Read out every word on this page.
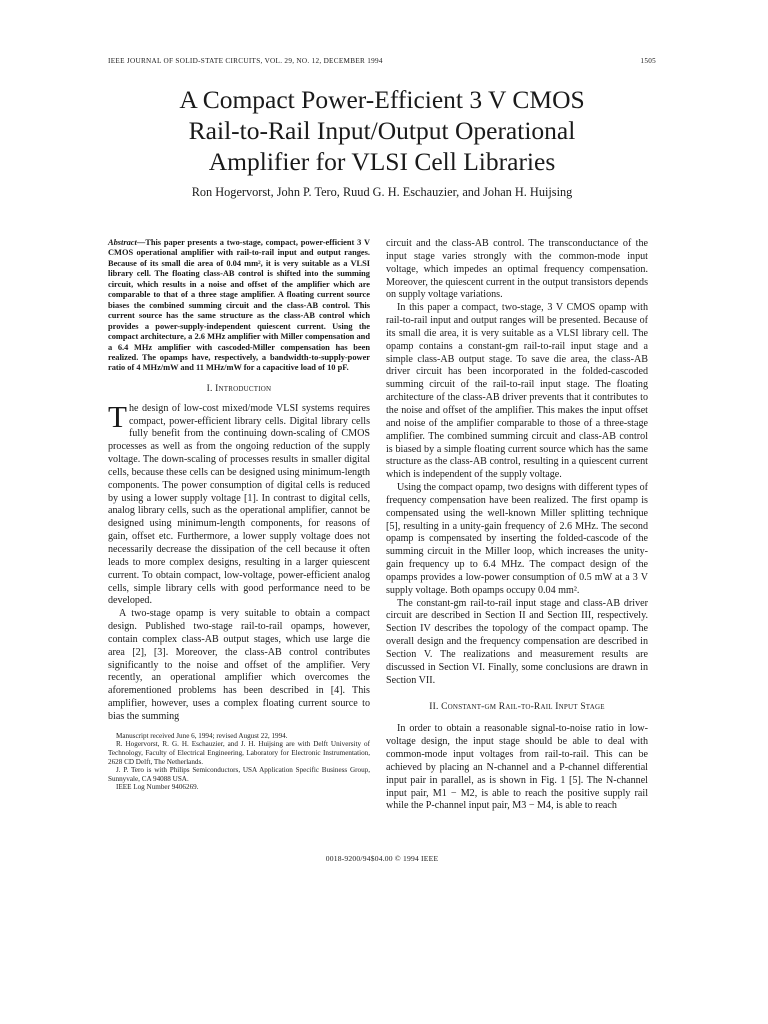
IEEE JOURNAL OF SOLID-STATE CIRCUITS, VOL. 29, NO. 12, DECEMBER 1994	1505
A Compact Power-Efficient 3 V CMOS
Rail-to-Rail Input/Output Operational
Amplifier for VLSI Cell Libraries
Ron Hogervorst, John P. Tero, Ruud G. H. Eschauzier, and Johan H. Huijsing

Abstract—This paper presents a two-stage, compact, power-efficient 3 V CMOS operational amplifier with rail-to-rail input and output ranges. Because of its small die area of 0.04 mm², it is very suitable as a VLSI library cell. The floating class-AB control is shifted into the summing circuit, which results in a noise and offset of the amplifier which are comparable to that of a three stage amplifier. A floating current source biases the combined summing circuit and the class-AB control. This current source has the same structure as the class-AB control which provides a power-supply-independent quiescent current. Using the compact architecture, a 2.6 MHz amplifier with Miller compensation and a 6.4 MHz amplifier with cascoded-Miller compensation has been realized. The opamps have, respectively, a bandwidth-to-supply-power ratio of 4 MHz/mW and 11 MHz/mW for a capacitive load of 10 pF.

I. Introduction

The design of low-cost mixed/mode VLSI systems requires compact, power-efficient library cells. Digital library cells fully benefit from the continuing down-scaling of CMOS processes as well as from the ongoing reduction of the supply voltage. The down-scaling of processes results in smaller digital cells, because these cells can be designed using minimum-length components. The power consumption of digital cells is reduced by using a lower supply voltage [1]. In contrast to digital cells, analog library cells, such as the operational amplifier, cannot be designed using minimum-length components, for reasons of gain, offset etc. Furthermore, a lower supply voltage does not necessarily decrease the dissipation of the cell because it often leads to more complex designs, resulting in a larger quiescent current. To obtain compact, low-voltage, power-efficient analog cells, simple library cells with good performance need to be developed.

A two-stage opamp is very suitable to obtain a compact design. Published two-stage rail-to-rail opamps, however, contain complex class-AB output stages, which use large die area [2], [3]. Moreover, the class-AB control contributes significantly to the noise and offset of the amplifier. Very recently, an operational amplifier which overcomes the aforementioned problems has been described in [4]. This amplifier, however, uses a complex floating current source to bias the summing

Manuscript received June 6, 1994; revised August 22, 1994.

R. Hogervorst, R. G. H. Eschauzier, and J. H. Huijsing are with Delft University of Technology, Faculty of Electrical Engineering, Laboratory for Electronic Instrumentation, 2628 CD Delft, The Netherlands.

J. P. Tero is with Philips Semiconductors, USA Application Specific Business Group, Sunnyvale, CA 94088 USA.

IEEE Log Number 9406269.

circuit and the class-AB control. The transconductance of the input stage varies strongly with the common-mode input voltage, which impedes an optimal frequency compensation. Moreover, the quiescent current in the output transistors depends on supply voltage variations.

In this paper a compact, two-stage, 3 V CMOS opamp with rail-to-rail input and output ranges will be presented. Because of its small die area, it is very suitable as a VLSI library cell. The opamp contains a constant-gm rail-to-rail input stage and a simple class-AB output stage. To save die area, the class-AB driver circuit has been incorporated in the folded-cascoded summing circuit of the rail-to-rail input stage. The floating architecture of the class-AB driver prevents that it contributes to the noise and offset of the amplifier. This makes the input offset and noise of the amplifier comparable to those of a three-stage amplifier. The combined summing circuit and class-AB control is biased by a simple floating current source which has the same structure as the class-AB control, resulting in a quiescent current which is independent of the supply voltage.

Using the compact opamp, two designs with different types of frequency compensation have been realized. The first opamp is compensated using the well-known Miller splitting technique [5], resulting in a unity-gain frequency of 2.6 MHz. The second opamp is compensated by inserting the folded-cascode of the summing circuit in the Miller loop, which increases the unity-gain frequency up to 6.4 MHz. The compact design of the opamps provides a low-power consumption of 0.5 mW at a 3 V supply voltage. Both opamps occupy 0.04 mm².

The constant-gm rail-to-rail input stage and class-AB driver circuit are described in Section II and Section III, respectively. Section IV describes the topology of the compact opamp. The overall design and the frequency compensation are described in Section V. The realizations and measurement results are discussed in Section VI. Finally, some conclusions are drawn in Section VII.

II. Constant-gm Rail-to-Rail Input Stage

In order to obtain a reasonable signal-to-noise ratio in low-voltage design, the input stage should be able to deal with common-mode input voltages from rail-to-rail. This can be achieved by placing an N-channel and a P-channel differential input pair in parallel, as is shown in Fig. 1 [5]. The N-channel input pair, M1 − M2, is able to reach the positive supply rail while the P-channel input pair, M3 − M4, is able to reach

0018-9200/94$04.00 © 1994 IEEE
